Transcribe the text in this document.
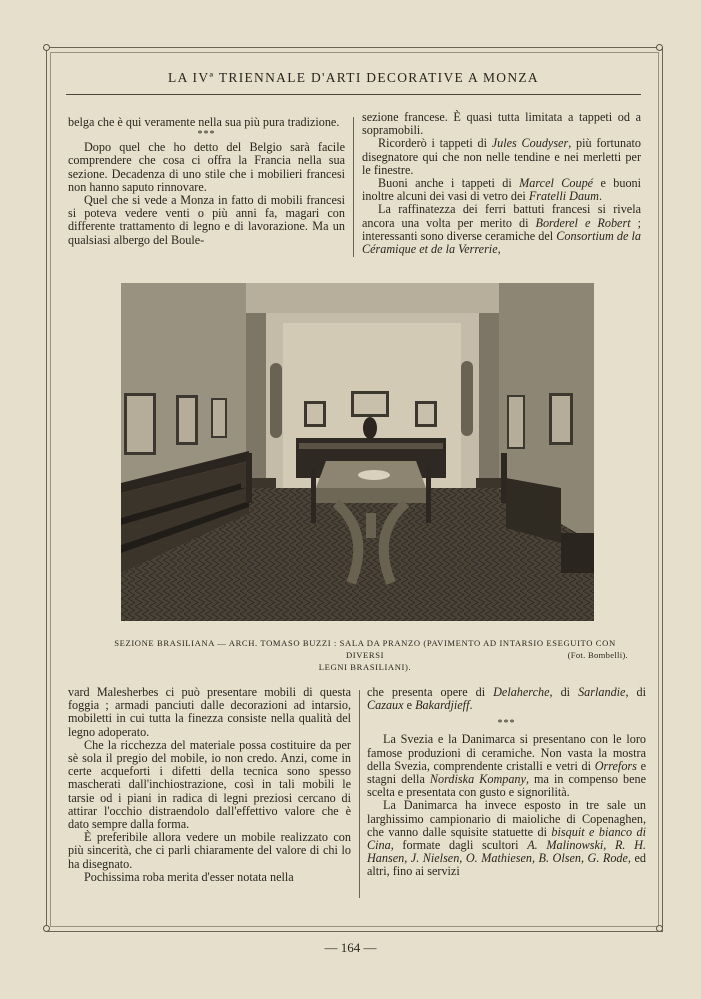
LA IVª TRIENNALE D'ARTI DECORATIVE A MONZA

belga che è qui veramente nella sua più pura tradizione.

***

Dopo quel che ho detto del Belgio sarà facile comprendere che cosa ci offra la Francia nella sua sezione. Decadenza di uno stile che i mobilieri francesi non hanno saputo rinnovare.

Quel che si vede a Monza in fatto di mobili francesi si poteva vedere venti o più anni fa, magari con differente trattamento di legno e di lavorazione. Ma un qualsiasi albergo del Boule-

sezione francese. È quasi tutta limitata a tappeti od a sopramobili.

Ricorderò i tappeti di Jules Coudyser, più fortunato disegnatore qui che non nelle tendine e nei merletti per le finestre.

Buoni anche i tappeti di Marcel Coupé e buoni inoltre alcuni dei vasi di vetro dei Fratelli Daum.

La raffinatezza dei ferri battuti francesi si rivela ancora una volta per merito di Borderel e Robert ; interessanti sono diverse ceramiche del Consortium de la Céramique et de la Verrerie,

SEZIONE BRASILIANA — ARCH. TOMASO BUZZI : SALA DA PRANZO (PAVIMENTO AD INTARSIO ESEGUITO CON DIVERSI
LEGNI BRASILIANI).
(Fot. Bombelli).

vard Malesherbes ci può presentare mobili di questa foggia ; armadi panciuti dalle decorazioni ad intarsio, mobiletti in cui tutta la finezza consiste nella qualità del legno adoperato.

Che la ricchezza del materiale possa costituire da per sè sola il pregio del mobile, io non credo. Anzi, come in certe acqueforti i difetti della tecnica sono spesso mascherati dall'inchiostrazione, così in tali mobili le tarsie od i piani in radica di legni preziosi cercano di attirar l'occhio distraendolo dall'effettivo valore che è dato sempre dalla forma.

È preferibile allora vedere un mobile realizzato con più sincerità, che ci parli chiaramente del valore di chi lo ha disegnato.

Pochissima roba merita d'esser notata nella

che presenta opere di Delaherche, di Sarlandie, di Cazaux e Bakardjieff.

***

La Svezia e la Danimarca si presentano con le loro famose produzioni di ceramiche. Non vasta la mostra della Svezia, comprendente cristalli e vetri di Orrefors e stagni della Nordiska Kompany, ma in compenso bene scelta e presentata con gusto e signorilità.

La Danimarca ha invece esposto in tre sale un larghissimo campionario di maioliche di Copenaghen, che vanno dalle squisite statuette di bisquit e bianco di Cina, formate dagli scultori A. Malinowski, R. H. Hansen, J. Nielsen, O. Mathiesen, B. Olsen, G. Rode, ed altri, fino ai servizi

— 164 —
